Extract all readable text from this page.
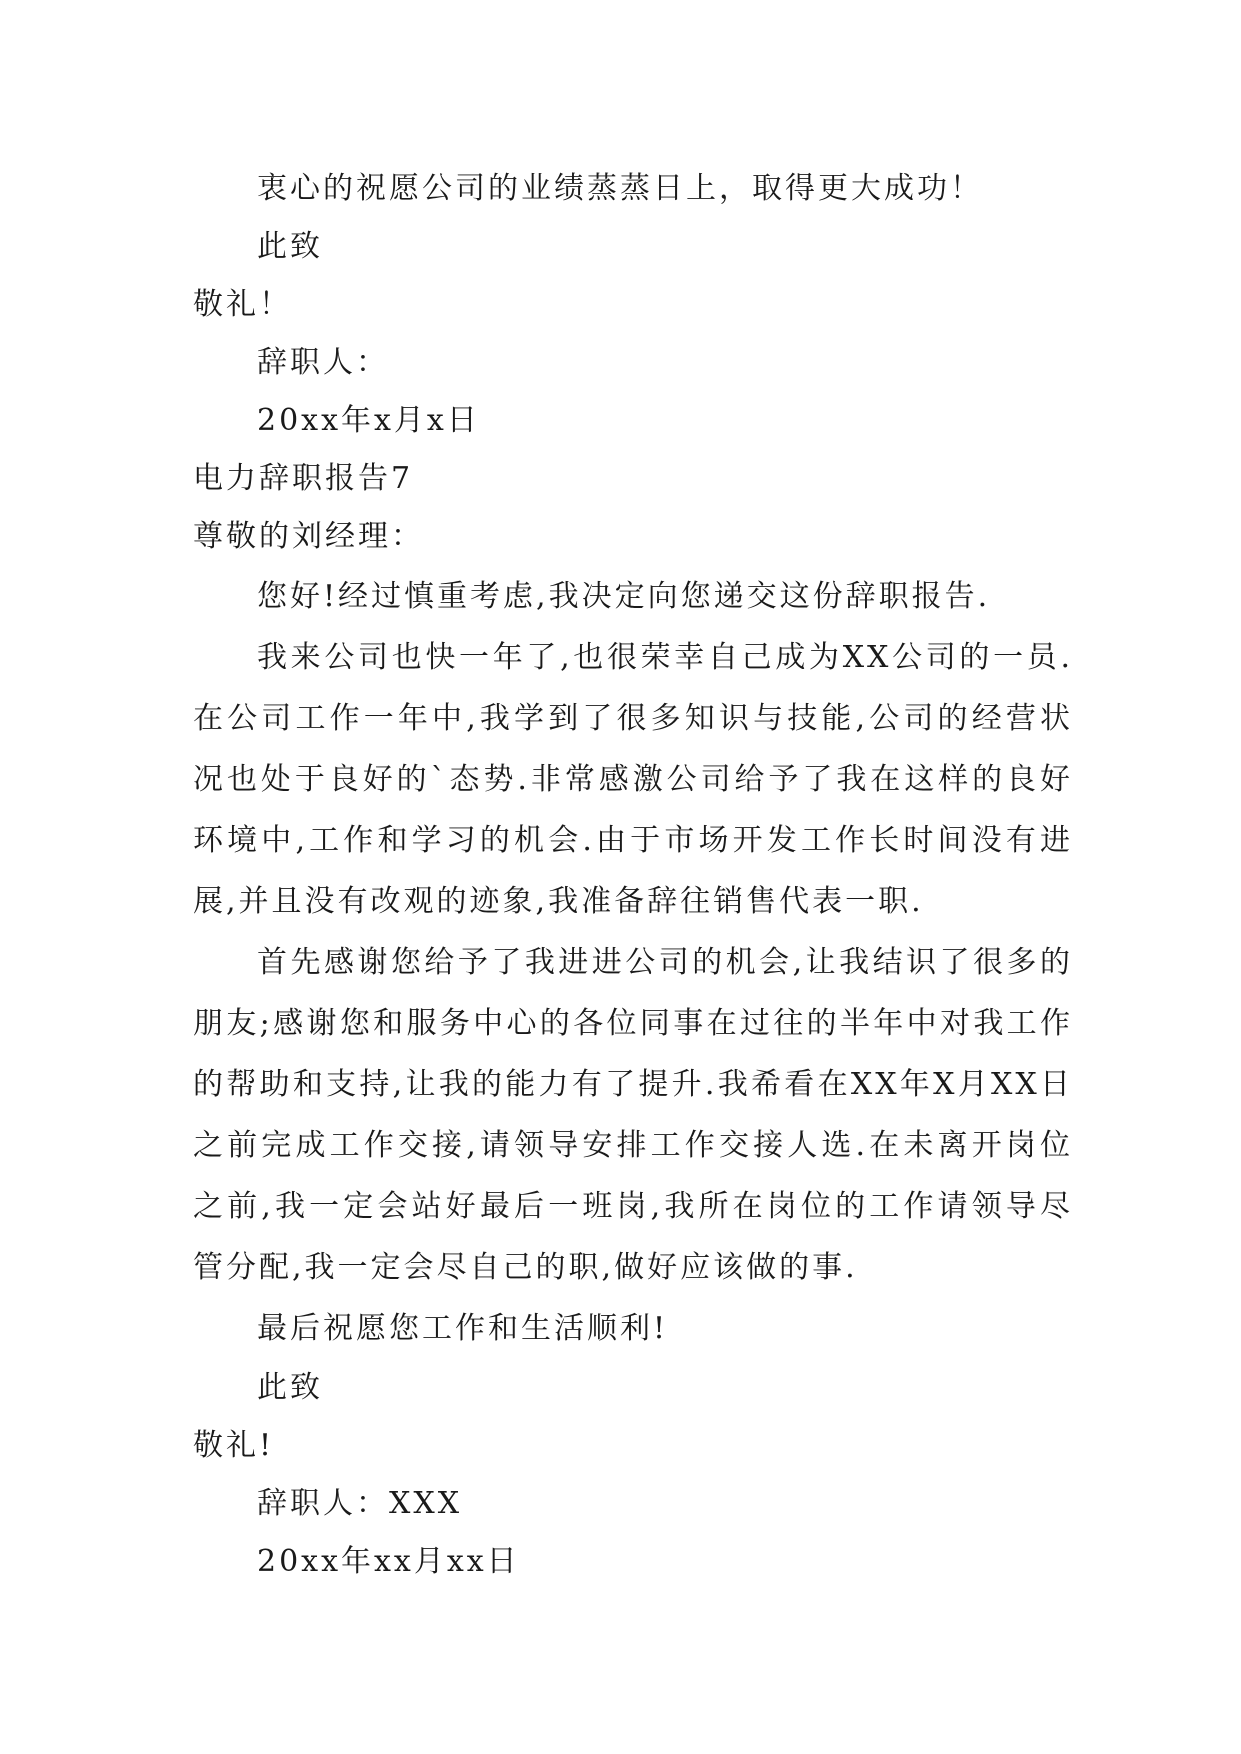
衷心的祝愿公司的业绩蒸蒸日上，取得更大成功！
此致
敬礼！
辞职人：
20xx年x月x日
电力辞职报告7
尊敬的刘经理：
您好!经过慎重考虑,我决定向您递交这份辞职报告.
我来公司也快一年了,也很荣幸自己成为XX公司的一员.在公司工作一年中,我学到了很多知识与技能,公司的经营状况也处于良好的`态势.非常感激公司给予了我在这样的良好环境中,工作和学习的机会.由于市场开发工作长时间没有进展,并且没有改观的迹象,我准备辞往销售代表一职.
首先感谢您给予了我进进公司的机会,让我结识了很多的朋友;感谢您和服务中心的各位同事在过往的半年中对我工作的帮助和支持,让我的能力有了提升.我希看在XX年X月XX日之前完成工作交接,请领导安排工作交接人选.在未离开岗位之前,我一定会站好最后一班岗,我所在岗位的工作请领导尽管分配,我一定会尽自己的职,做好应该做的事.
最后祝愿您工作和生活顺利!
此致
敬礼!
辞职人：XXX
20xx年xx月xx日
